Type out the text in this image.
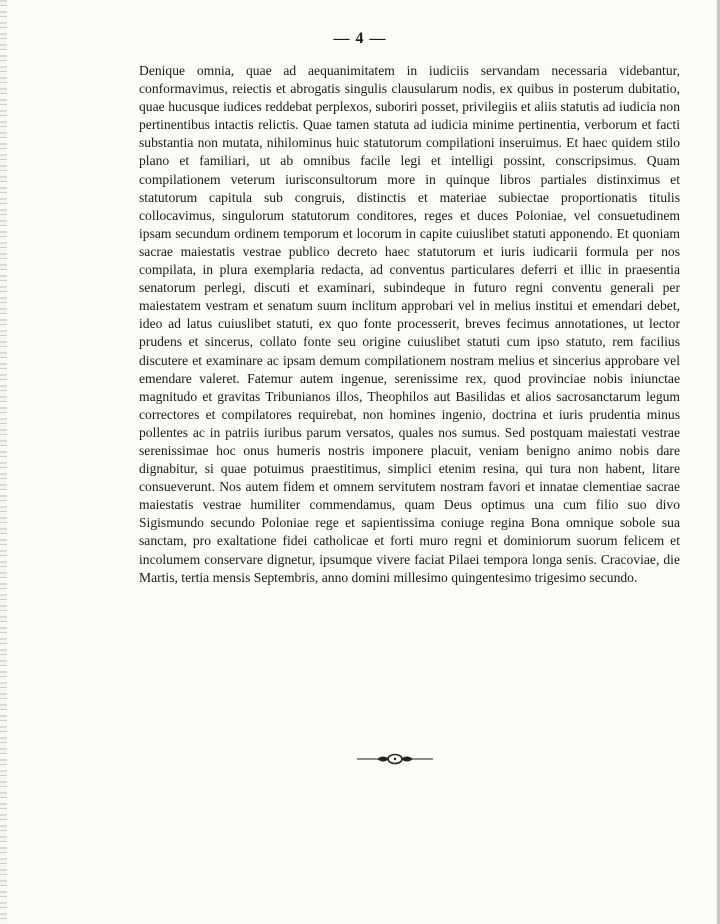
— 4 —

Denique omnia, quae ad aequanimitatem in iudiciis servandam necessaria videbantur, conformavimus, reiectis et abrogatis singulis clausularum nodis, ex quibus in posterum dubitatio, quae hucusque iudices reddebat perplexos, suboriri posset, privilegiis et aliis statutis ad iudicia non pertinentibus intactis relictis. Quae tamen statuta ad iudicia minime pertinentia, verborum et facti substantia non mutata, nihilominus huic statutorum compilationi inseruimus. Et haec quidem stilo plano et familiari, ut ab omnibus facile legi et intelligi possint, conscripsimus. Quam compilationem veterum iurisconsultorum more in quinque libros partiales distinximus et statutorum capitula sub congruis, distinctis et materiae subiectae proportionatis titulis collocavimus, singulorum statutorum conditores, reges et duces Poloniae, vel consuetudinem ipsam secundum ordinem temporum et locorum in capite cuiuslibet statuti apponendo. Et quoniam sacrae maiestatis vestrae publico decreto haec statutorum et iuris iudicarii formula per nos compilata, in plura exemplaria redacta, ad conventus particulares deferri et illic in praesentia senatorum perlegi, discuti et examinari, subindeque in futuro regni conventu generali per maiestatem vestram et senatum suum inclitum approbari vel in melius institui et emendari debet, ideo ad latus cuiuslibet statuti, ex quo fonte processerit, breves fecimus annotationes, ut lector prudens et sincerus, collato fonte seu origine cuiuslibet statuti cum ipso statuto, rem facilius discutere et examinare ac ipsam demum compilationem nostram melius et sincerius approbare vel emendare valeret. Fatemur autem ingenue, serenissime rex, quod provinciae nobis iniunctae magnitudo et gravitas Tribunianos illos, Theophilos aut Basilidas et alios sacrosanctarum legum correctores et compilatores requirebat, non homines ingenio, doctrina et iuris prudentia minus pollentes ac in patriis iuribus parum versatos, quales nos sumus. Sed postquam maiestati vestrae serenissimae hoc onus humeris nostris imponere placuit, veniam benigno animo nobis dare dignabitur, si quae potuimus praestitimus, simplici etenim resina, qui tura non habent, litare consueverunt. Nos autem fidem et omnem servitutem nostram favori et innatae clementiae sacrae maiestatis vestrae humiliter commendamus, quam Deus optimus una cum filio suo divo Sigismundo secundo Poloniae rege et sapientissima coniuge regina Bona omnique sobole sua sanctam, pro exaltatione fidei catholicae et forti muro regni et dominiorum suorum felicem et incolumem conservare dignetur, ipsumque vivere faciat Pilaei tempora longa senis. Cracoviae, die Martis, tertia mensis Septembris, anno domini millesimo quingentesimo trigesimo secundo.
